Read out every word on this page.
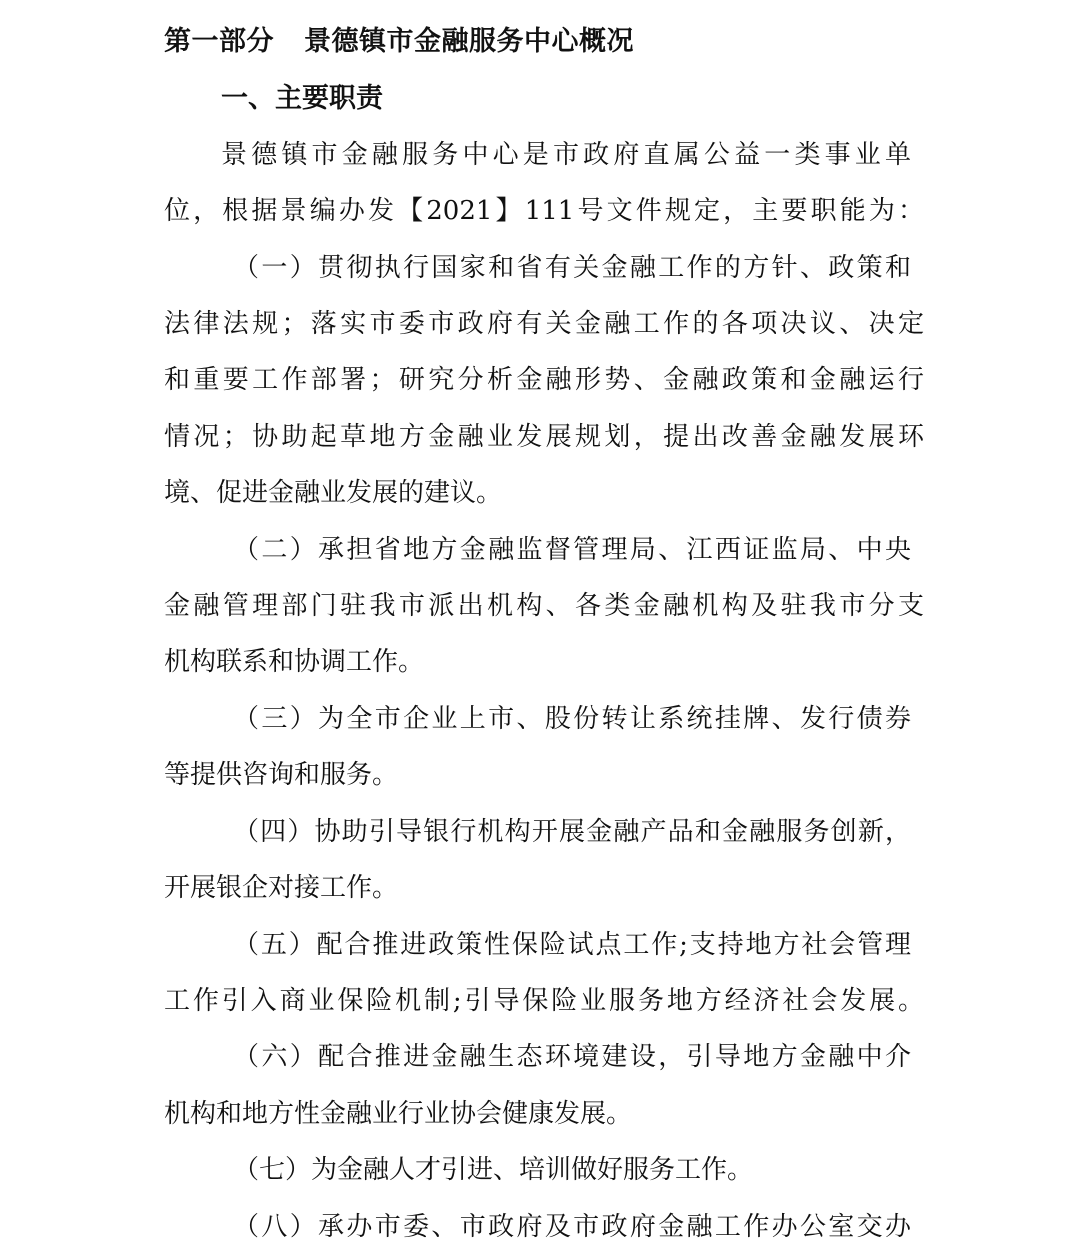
第一部分 景德镇市金融服务中心概况
一、主要职责
景德镇市金融服务中心是市政府直属公益一类事业单
位，根据景编办发【2021】111号文件规定，主要职能为：
（一）贯彻执行国家和省有关金融工作的方针、政策和
法律法规；落实市委市政府有关金融工作的各项决议、决定
和重要工作部署；研究分析金融形势、金融政策和金融运行
情况；协助起草地方金融业发展规划，提出改善金融发展环
境、促进金融业发展的建议。
（二）承担省地方金融监督管理局、江西证监局、中央
金融管理部门驻我市派出机构、各类金融机构及驻我市分支
机构联系和协调工作。
（三）为全市企业上市、股份转让系统挂牌、发行债券
等提供咨询和服务。
（四）协助引导银行机构开展金融产品和金融服务创新，
开展银企对接工作。
（五）配合推进政策性保险试点工作;支持地方社会管理
工作引入商业保险机制;引导保险业服务地方经济社会发展。
（六）配合推进金融生态环境建设，引导地方金融中介
机构和地方性金融业行业协会健康发展。
（七）为金融人才引进、培训做好服务工作。
（八）承办市委、市政府及市政府金融工作办公室交办
